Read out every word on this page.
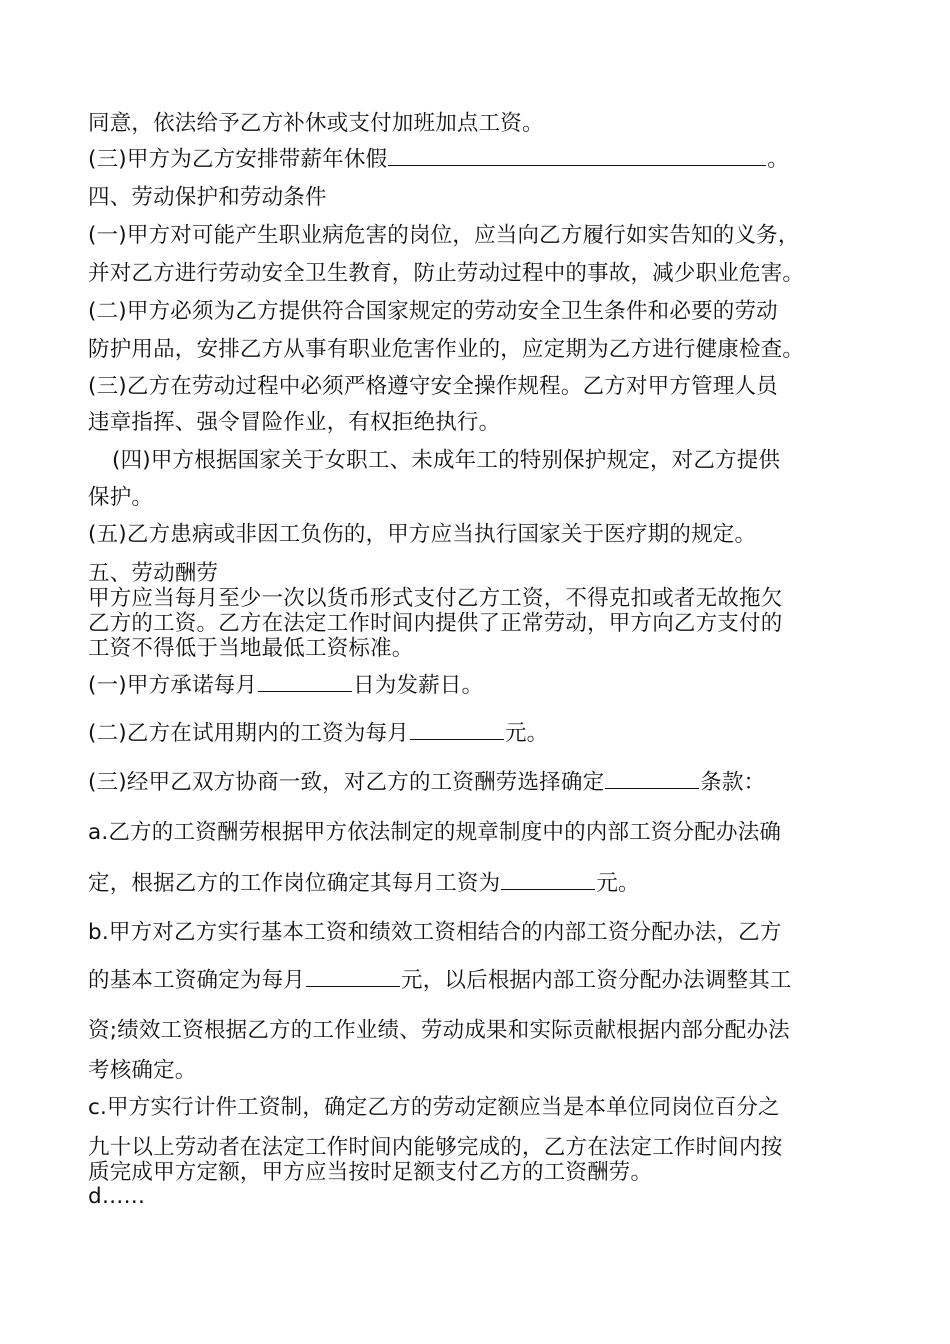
同意，依法给予乙方补休或支付加班加点工资。
(三)甲方为乙方安排带薪年休假	。
四、劳动保护和劳动条件
(一)甲方对可能产生职业病危害的岗位，应当向乙方履行如实告知的义务，
并对乙方进行劳动安全卫生教育，防止劳动过程中的事故，减少职业危害。
(二)甲方必须为乙方提供符合国家规定的劳动安全卫生条件和必要的劳动
防护用品，安排乙方从事有职业危害作业的，应定期为乙方进行健康检查。
(三)乙方在劳动过程中必须严格遵守安全操作规程。乙方对甲方管理人员
违章指挥、强令冒险作业，有权拒绝执行。
(四)甲方根据国家关于女职工、未成年工的特别保护规定，对乙方提供
保护。
(五)乙方患病或非因工负伤的，甲方应当执行国家关于医疗期的规定。
五、劳动酬劳
甲方应当每月至少一次以货币形式支付乙方工资，不得克扣或者无故拖欠
乙方的工资。乙方在法定工作时间内提供了正常劳动，甲方向乙方支付的
工资不得低于当地最低工资标准。
(一)甲方承诺每月	日为发薪日。
(二)乙方在试用期内的工资为每月	元。
(三)经甲乙双方协商一致，对乙方的工资酬劳选择确定	条款：
a.乙方的工资酬劳根据甲方依法制定的规章制度中的内部工资分配办法确
定，根据乙方的工作岗位确定其每月工资为	元。
b.甲方对乙方实行基本工资和绩效工资相结合的内部工资分配办法，乙方
的基本工资确定为每月	元，以后根据内部工资分配办法调整其工
资;绩效工资根据乙方的工作业绩、劳动成果和实际贡献根据内部分配办法
考核确定。
c.甲方实行计件工资制，确定乙方的劳动定额应当是本单位同岗位百分之
九十以上劳动者在法定工作时间内能够完成的，乙方在法定工作时间内按
质完成甲方定额，甲方应当按时足额支付乙方的工资酬劳。
d……
